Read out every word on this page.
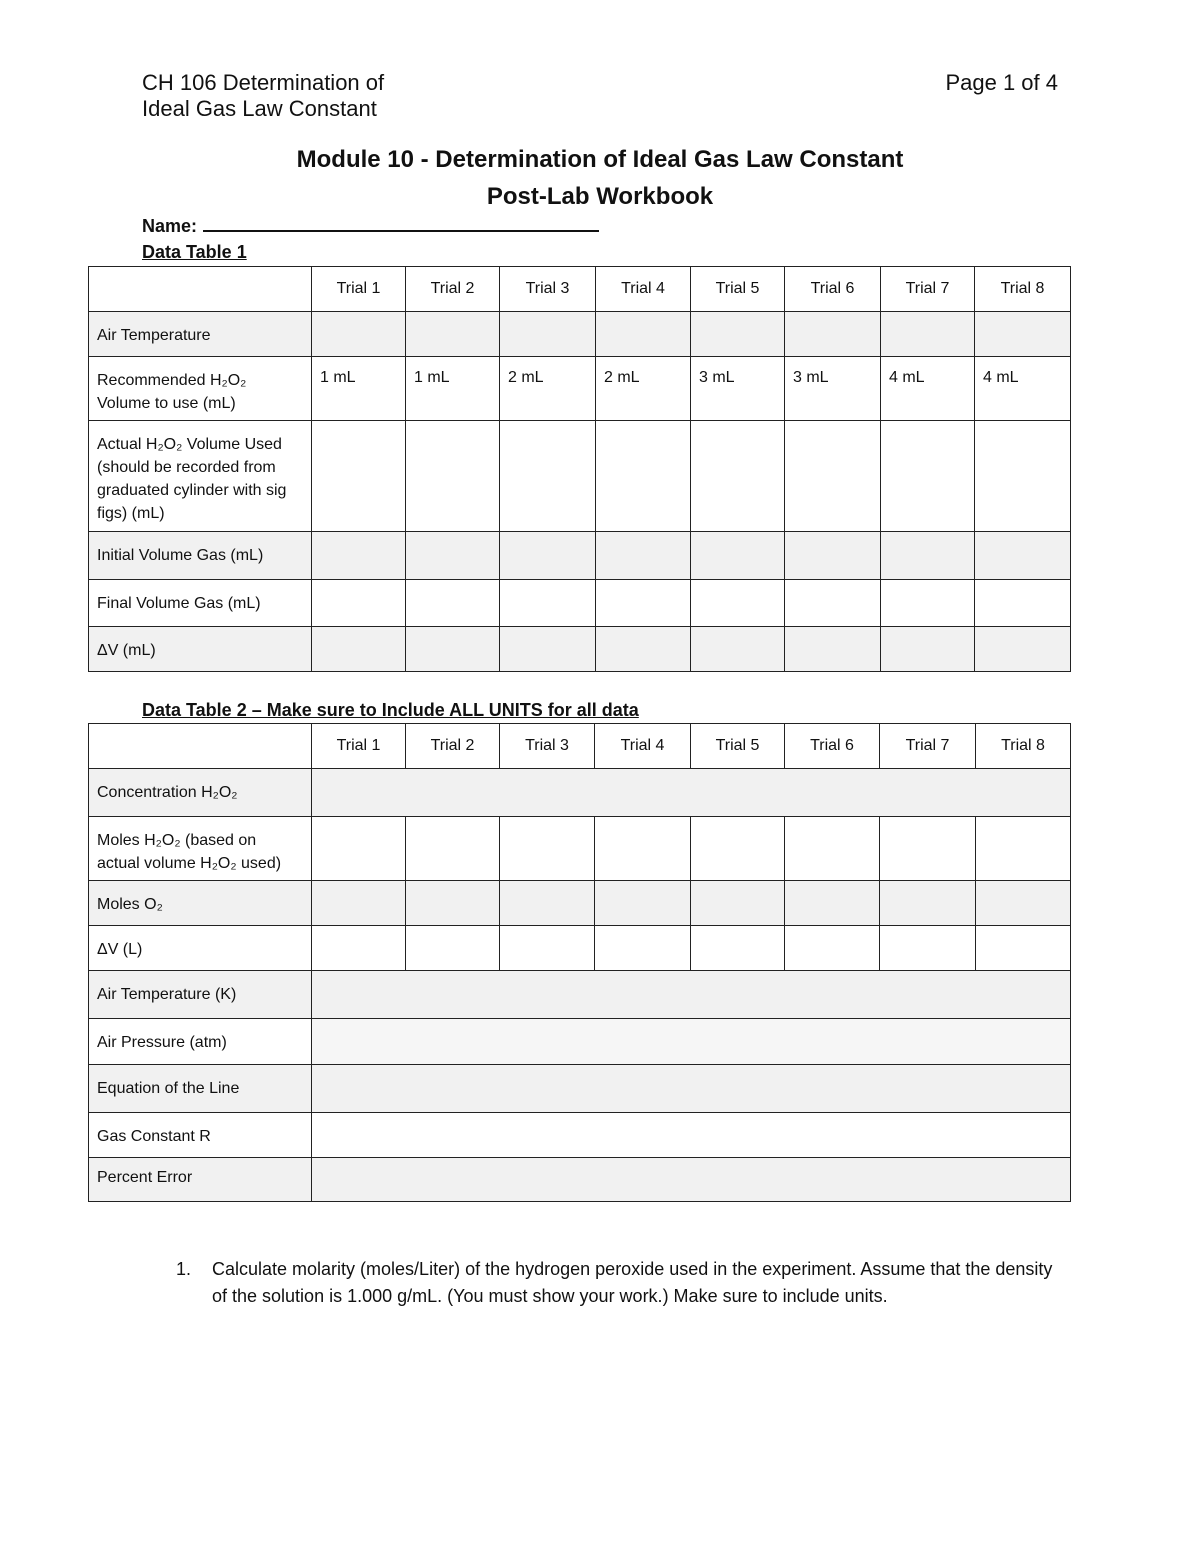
CH 106 Determination of
Ideal Gas Law Constant
Page 1 of 4
Module 10 - Determination of Ideal Gas Law Constant
Post-Lab Workbook
Name:
Data Table 1
	Trial 1	Trial 2	Trial 3	Trial 4	Trial 5	Trial 6	Trial 7	Trial 8
Air Temperature								
Recommended H₂O₂ Volume to use (mL)	1 mL	1 mL	2 mL	2 mL	3 mL	3 mL	4 mL	4 mL
Actual H₂O₂ Volume Used (should be recorded from graduated cylinder with sig figs) (mL)								
Initial Volume Gas (mL)								
Final Volume Gas (mL)								
ΔV (mL)								
Data Table 2 – Make sure to Include ALL UNITS for all data
	Trial 1	Trial 2	Trial 3	Trial 4	Trial 5	Trial 6	Trial 7	Trial 8
Concentration H₂O₂								
Moles H₂O₂ (based on actual volume H₂O₂ used)								
Moles O₂								
ΔV (L)								
Air Temperature (K)								
Air Pressure (atm)								
Equation of the Line								
Gas Constant R								
Percent Error								
1. Calculate molarity (moles/Liter) of the hydrogen peroxide used in the experiment. Assume that the density of the solution is 1.000 g/mL. (You must show your work.) Make sure to include units.
